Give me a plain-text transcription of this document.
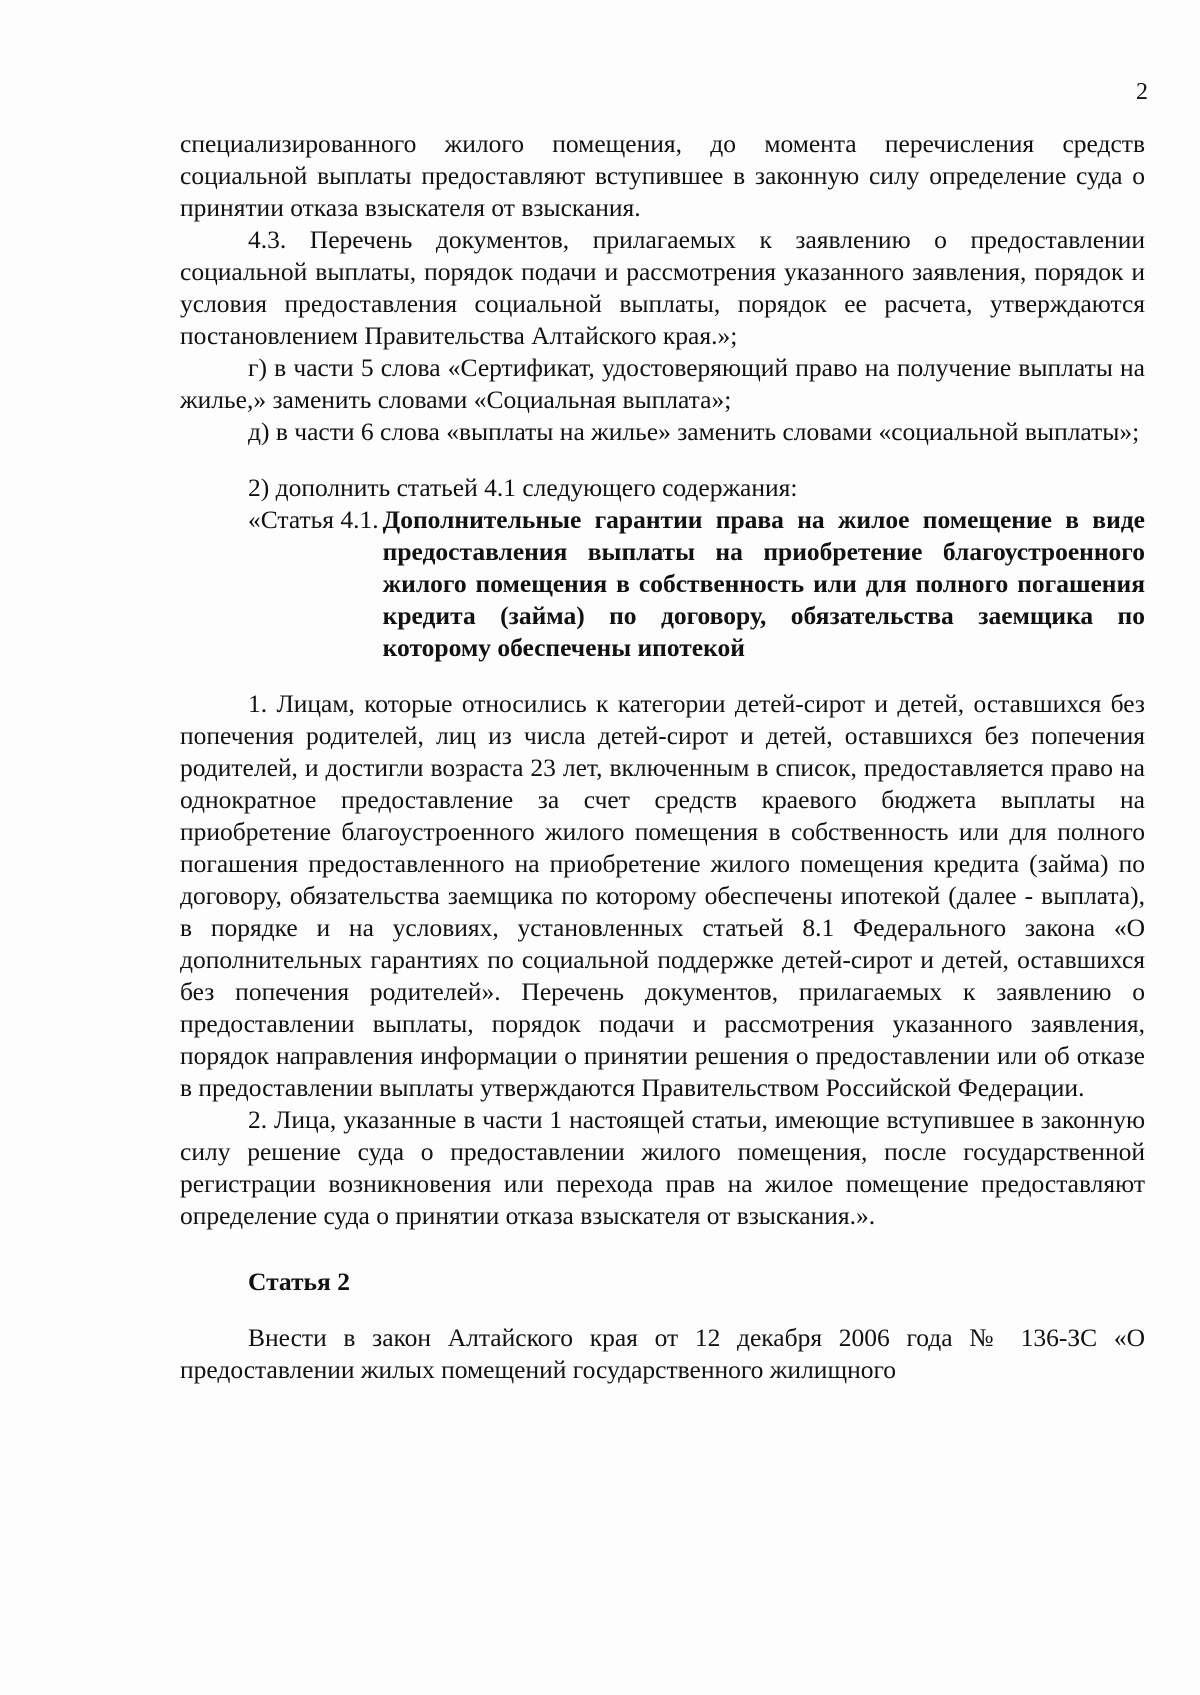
2

специализированного жилого помещения, до момента перечисления средств социальной выплаты предоставляют вступившее в законную силу определение суда о принятии отказа взыскателя от взыскания.

4.3. Перечень документов, прилагаемых к заявлению о предоставлении социальной выплаты, порядок подачи и рассмотрения указанного заявления, порядок и условия предоставления социальной выплаты, порядок ее расчета, утверждаются постановлением Правительства Алтайского края.»;

г) в части 5 слова «Сертификат, удостоверяющий право на получение выплаты на жилье,» заменить словами «Социальная выплата»;

д) в части 6 слова «выплаты на жилье» заменить словами «социальной выплаты»;

2) дополнить статьей 4.1 следующего содержания:

«Статья 4.1. Дополнительные гарантии права на жилое помещение в виде предоставления выплаты на приобретение благоустроенного жилого помещения в собственность или для полного погашения кредита (займа) по договору, обязательства заемщика по которому обеспечены ипотекой

1. Лицам, которые относились к категории детей-сирот и детей, оставшихся без попечения родителей, лиц из числа детей-сирот и детей, оставшихся без попечения родителей, и достигли возраста 23 лет, включенным в список, предоставляется право на однократное предоставление за счет средств краевого бюджета выплаты на приобретение благоустроенного жилого помещения в собственность или для полного погашения предоставленного на приобретение жилого помещения кредита (займа) по договору, обязательства заемщика по которому обеспечены ипотекой (далее - выплата), в порядке и на условиях, установленных статьей 8.1 Федерального закона «О дополнительных гарантиях по социальной поддержке детей-сирот и детей, оставшихся без попечения родителей». Перечень документов, прилагаемых к заявлению о предоставлении выплаты, порядок подачи и рассмотрения указанного заявления, порядок направления информации о принятии решения о предоставлении или об отказе в предоставлении выплаты утверждаются Правительством Российской Федерации.

2. Лица, указанные в части 1 настоящей статьи, имеющие вступившее в законную силу решение суда о предоставлении жилого помещения, после государственной регистрации возникновения или перехода прав на жилое помещение предоставляют определение суда о принятии отказа взыскателя от взыскания.».

Статья 2

Внести в закон Алтайского края от 12 декабря 2006 года № 136-ЗС «О предоставлении жилых помещений государственного жилищного
